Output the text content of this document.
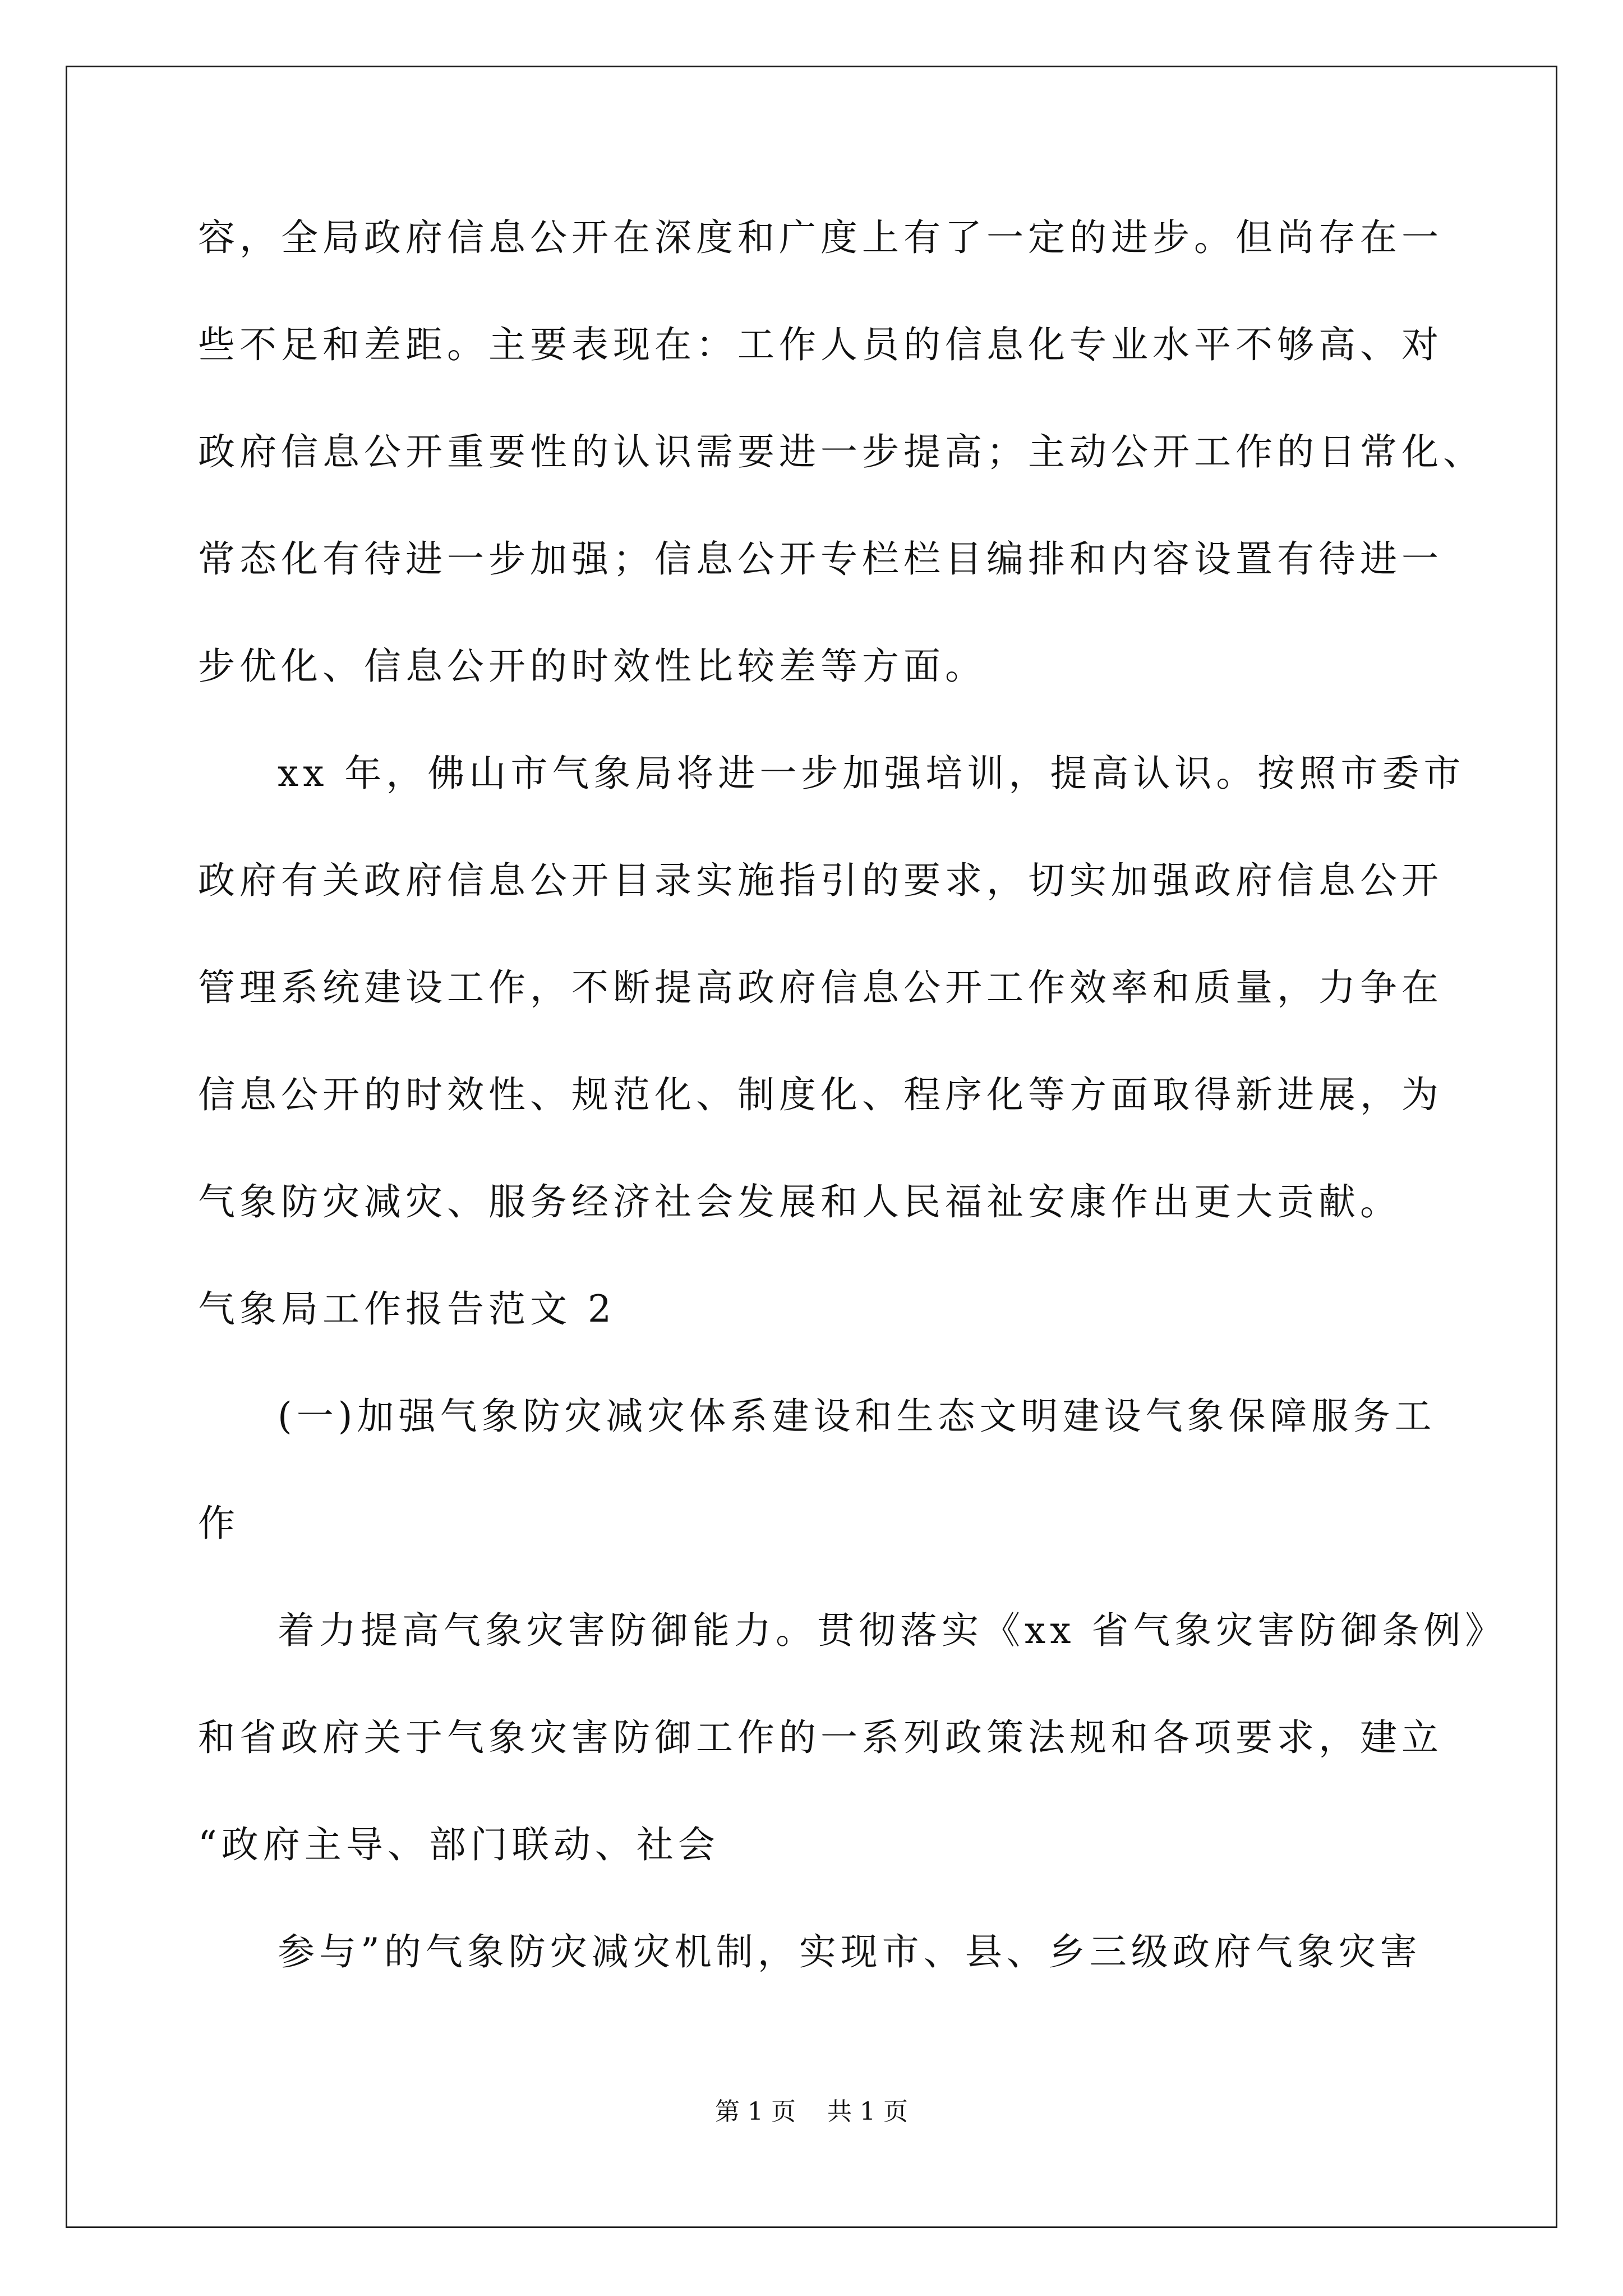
容，全局政府信息公开在深度和广度上有了一定的进步。但尚存在一
些不足和差距。主要表现在：工作人员的信息化专业水平不够高、对
政府信息公开重要性的认识需要进一步提高；主动公开工作的日常化、
常态化有待进一步加强；信息公开专栏栏目编排和内容设置有待进一
步优化、信息公开的时效性比较差等方面。
xx 年，佛山市气象局将进一步加强培训，提高认识。按照市委市
政府有关政府信息公开目录实施指引的要求，切实加强政府信息公开
管理系统建设工作，不断提高政府信息公开工作效率和质量，力争在
信息公开的时效性、规范化、制度化、程序化等方面取得新进展，为
气象防灾减灾、服务经济社会发展和人民福祉安康作出更大贡献。
气象局工作报告范文 2
(一)加强气象防灾减灾体系建设和生态文明建设气象保障服务工
作
着力提高气象灾害防御能力。贯彻落实《xx 省气象灾害防御条例》
和省政府关于气象灾害防御工作的一系列政策法规和各项要求，建立
“政府主导、部门联动、社会
参与”的气象防灾减灾机制，实现市、县、乡三级政府气象灾害
第 1 页 共 1 页
